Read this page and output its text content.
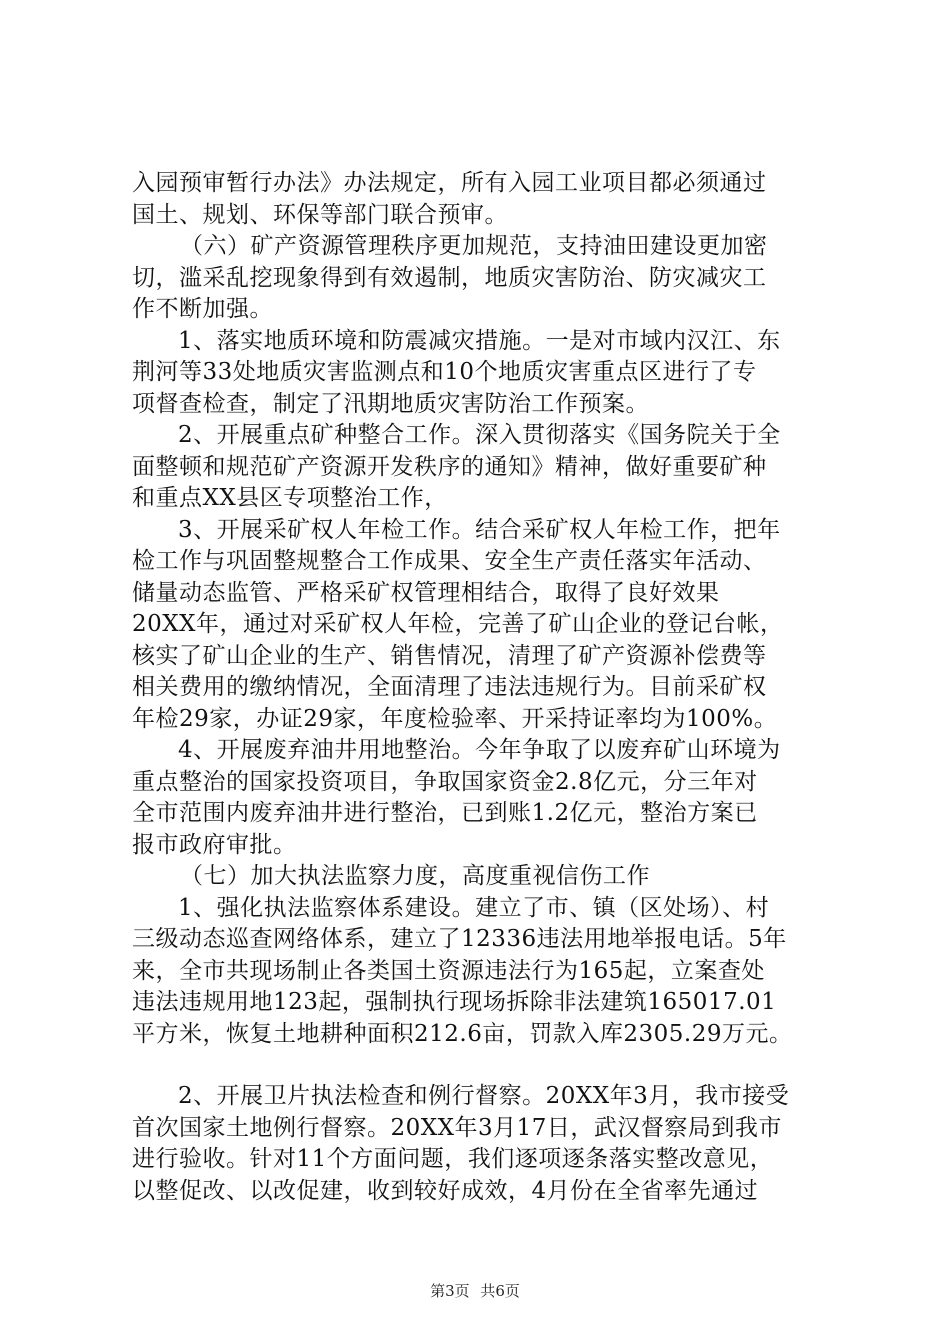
入园预审暂行办法》办法规定，所有入园工业项目都必须通过
国土、规划、环保等部门联合预审。
（六）矿产资源管理秩序更加规范，支持油田建设更加密
切，滥采乱挖现象得到有效遏制，地质灾害防治、防灾减灾工
作不断加强。
1、落实地质环境和防震减灾措施。一是对市域内汉江、东
荆河等33处地质灾害监测点和10个地质灾害重点区进行了专
项督查检查，制定了汛期地质灾害防治工作预案。
2、开展重点矿种整合工作。深入贯彻落实《国务院关于全
面整顿和规范矿产资源开发秩序的通知》精神，做好重要矿种
和重点XX县区专项整治工作，
3、开展采矿权人年检工作。结合采矿权人年检工作，把年
检工作与巩固整规整合工作成果、安全生产责任落实年活动、
储量动态监管、严格采矿权管理相结合，取得了良好效果
20XX年，通过对采矿权人年检，完善了矿山企业的登记台帐，
核实了矿山企业的生产、销售情况，清理了矿产资源补偿费等
相关费用的缴纳情况，全面清理了违法违规行为。目前采矿权
年检29家，办证29家，年度检验率、开采持证率均为100%。
4、开展废弃油井用地整治。今年争取了以废弃矿山环境为
重点整治的国家投资项目，争取国家资金2.8亿元，分三年对
全市范围内废弃油井进行整治，已到账1.2亿元，整治方案已
报市政府审批。
（七）加大执法监察力度，高度重视信伤工作
1、强化执法监察体系建设。建立了市、镇（区处场）、村
三级动态巡查网络体系，建立了12336违法用地举报电话。5年
来，全市共现场制止各类国土资源违法行为165起，立案查处
违法违规用地123起，强制执行现场拆除非法建筑165017.01
平方米，恢复土地耕种面积212.6亩，罚款入库2305.29万元。
2、开展卫片执法检查和例行督察。20XX年3月，我市接受
首次国家土地例行督察。20XX年3月17日，武汉督察局到我市
进行验收。针对11个方面问题，我们逐项逐条落实整改意见，
以整促改、以改促建，收到较好成效，4月份在全省率先通过
第3页 共6页
